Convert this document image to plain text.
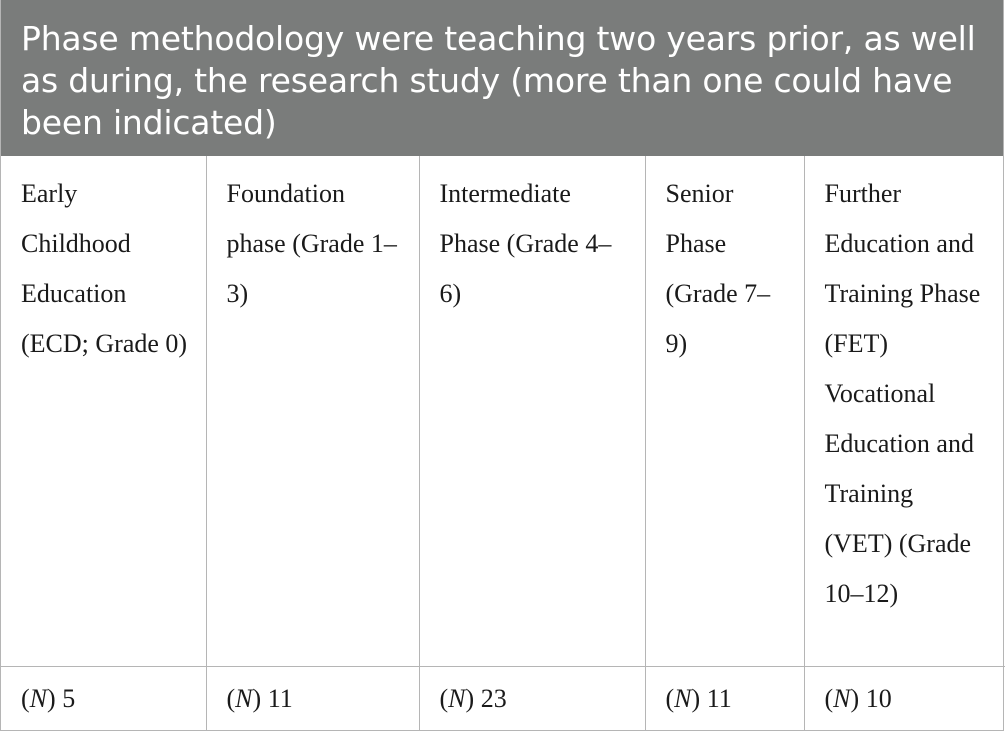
Phase methodology were teaching two years prior, as well as during, the research study (more than one could have been indicated)
Early Childhood Education (ECD; Grade 0)	Foundation phase (Grade 1–3)	Intermediate Phase (Grade 4–6)	Senior Phase (Grade 7–9)	Further Education and Training Phase (FET) Vocational Education and Training (VET) (Grade 10–12)
(N) 5	(N) 11	(N) 23	(N) 11	(N) 10
